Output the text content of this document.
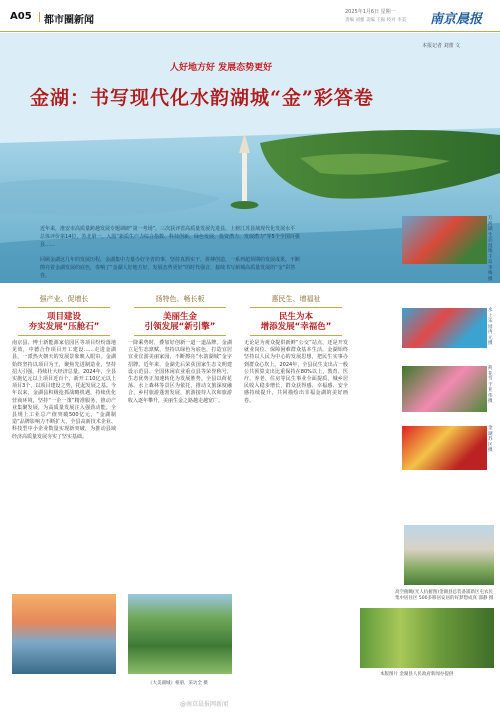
A05 都市圈新闻
2025年1月6日 星期一
责编 刘强 美编 王振 校对 李美 南京晨报
本报记者 刘蕾 文
人好地方好 发展态势更好
金湖：书写现代化水韵湖城“金”彩答卷

近年来，淮安市高质量跨越发展专题调研“第一考场”，三次获评省高质量发展先进县，上榜江苏县域现代化发展水平总体评价第14位，苏北第一，入围“新质生产力综合指数、科技创新、绿色发展、投资潜力、发展潜力”等5个全国百强县……

回顾金湖这几年的发展历程，金湖集中力量办好全省的事，坚持真抓实干、拼搏创造，一系列超预期的发展成果，不断擦亮着金湖发展的底色，奏响了“金湖人好地方好，发展态势更好”的时代强音，接续书写新城高质量发展的“金”彩答卷。

万河湖生态湿地千岛 李梅 摄
水上乐园 冉元 摄
荷花节 于亚伟 摄
金湖苏区 摄
强产业、促增长
项目建设
夯实发展“压舱石”

南京县、博士新能源家信园区等项目纷纷落地见效，中德合作项目开工建设……走进金湖县，一派热火朝天的发展景象映入眼帘。金湖始终坚持以项目为王，聚焦先进制造业，坚持招大引强，持续壮大经济总量。2024年，全县实施亿元以上项目近百个，新开工10亿元以上项目3个，以项目建设之势，托起发展之基。今年以来，金湖县积极抢抓战略机遇，持续优化营商环境，坚持“一企一策”精准服务，推动产业集聚发展，为高质量发展注入强劲动能。全县规上工业总产值突破500亿元，“金湖制造”品牌影响力不断扩大，全县高新技术企业、科技型中小企业数量实现新突破，为推动县域经济高质量发展夯实了坚实基础。

扬特色、畅长板
美丽生金
引领发展“新引擎”

一降乘势时，叠加好创新一道一道品牌。金湖立足生态禀赋，坚持以绿色为底色，打造宜居宜业宜游美丽家园，不断擦亮“水韵湖城”金字招牌。近年来，金湖先后荣获国家生态文明建设示范县、全国休闲农业重点县等荣誉称号，生态优势正加速转化为发展胜势。全县以荷花荡、水上森林等景区为依托，推动文旅深度融合，乡村旅游蓬勃发展，旅游接待人次和旅游收入逐年攀升，美丽生金之路越走越宽广。

惠民生、增福祉
民生为本
增添发展“幸福色”

无论是为观众提供新鲜“公交”站点，还是开发就业岗位、保障困难群众基本生活，金湖始终坚持以人民为中心的发展思想，把民生实事办到群众心坎上。2024年，全县民生支出占一般公共预算支出比重保持在80%以上，教育、医疗、养老、住房等民生事业全面提质，城乡居民收入稳步增长，群众获得感、幸福感、安全感持续提升，共同描绘出幸福金湖的美好画卷。

《大美湖城》相册，采访全 摄
高空俯瞰(光人抗俯图)金湖县总装备浦新区屯农民集中居住区 500多移居安居的好梦想成真 邵静 摄
本版图片 金湖县人民政府新闻办提供
@南京晨报网新闻
